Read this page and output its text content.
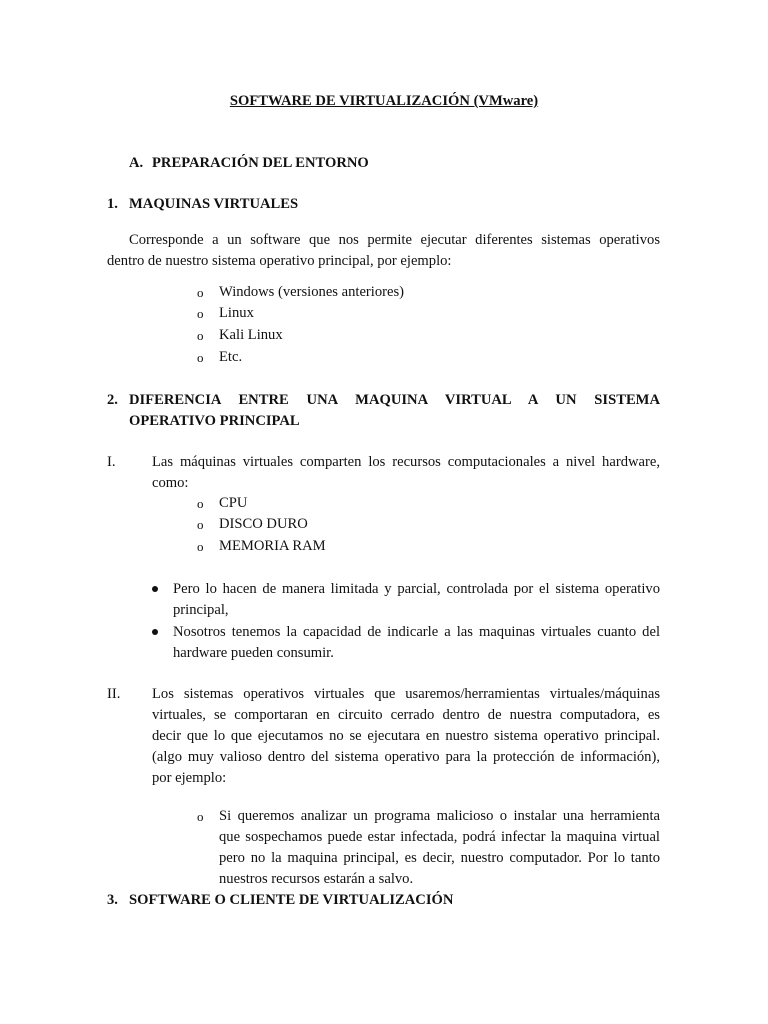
SOFTWARE DE VIRTUALIZACIÓN (VMware)
A. PREPARACIÓN DEL ENTORNO
1. MAQUINAS VIRTUALES
Corresponde a un software que nos permite ejecutar diferentes sistemas operativos
dentro de nuestro sistema operativo principal, por ejemplo:
o Windows (versiones anteriores)
o Linux
o Kali Linux
o Etc.
2. DIFERENCIA ENTRE UNA MAQUINA VIRTUAL A UN SISTEMA
OPERATIVO PRINCIPAL
I. Las máquinas virtuales comparten los recursos computacionales a nivel hardware,
como:
o CPU
o DISCO DURO
o MEMORIA RAM
Pero lo hacen de manera limitada y parcial, controlada por el sistema operativo
principal,
Nosotros tenemos la capacidad de indicarle a las maquinas virtuales cuanto del
hardware pueden consumir.
II. Los sistemas operativos virtuales que usaremos/herramientas virtuales/máquinas
virtuales, se comportaran en circuito cerrado dentro de nuestra computadora, es
decir que lo que ejecutamos no se ejecutara en nuestro sistema operativo principal.
(algo muy valioso dentro del sistema operativo para la protección de información),
por ejemplo:
o Si queremos analizar un programa malicioso o instalar una herramienta
que sospechamos puede estar infectada, podrá infectar la maquina virtual
pero no la maquina principal, es decir, nuestro computador. Por lo tanto
nuestros recursos estarán a salvo.
3. SOFTWARE O CLIENTE DE VIRTUALIZACIÓN
